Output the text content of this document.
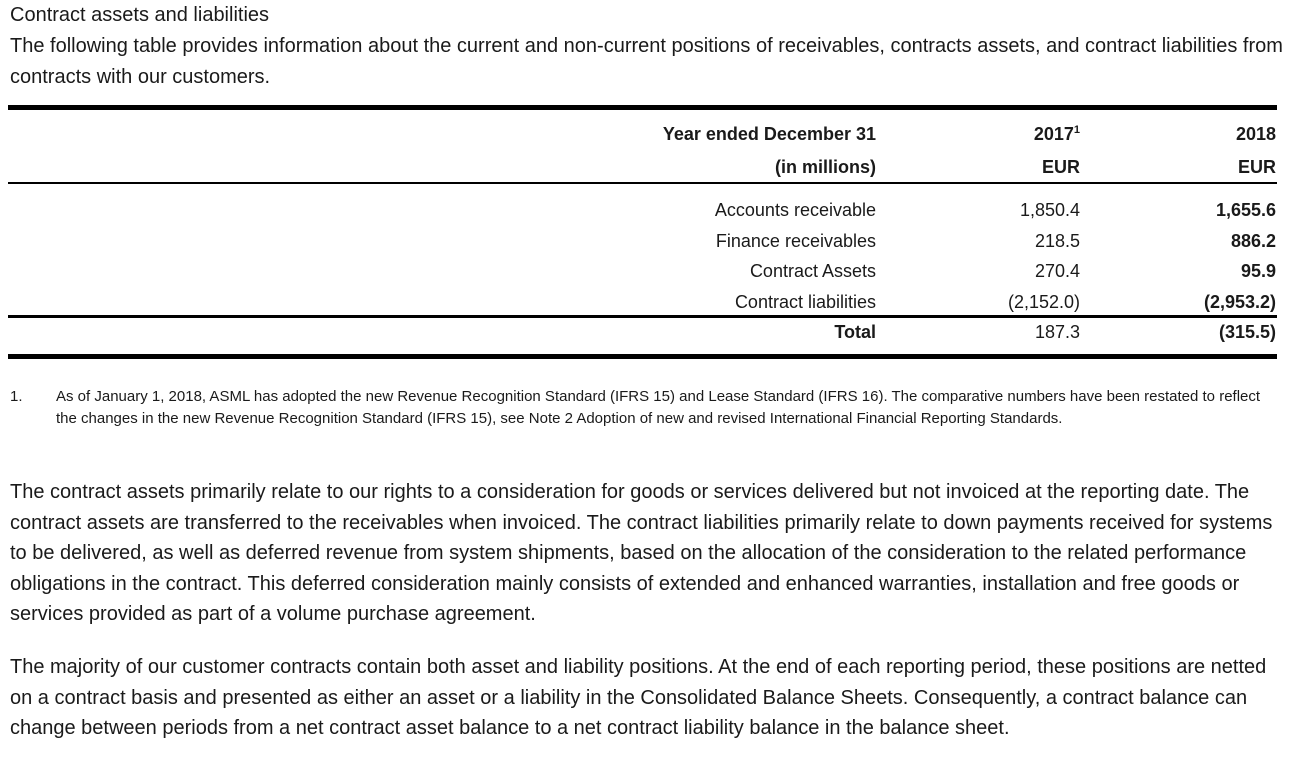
Contract assets and liabilities
The following table provides information about the current and non-current positions of receivables, contracts assets, and contract liabilities from contracts with our customers.
Year ended December 31	2017$^1$	2018
(in millions)	EUR	EUR
Accounts receivable	1,850.4	1,655.6
Finance receivables	218.5	886.2
Contract Assets	270.4	95.9
Contract liabilities	(2,152.0)	(2,953.2)
Total	187.3	(315.5)
1. As of January 1, 2018, ASML has adopted the new Revenue Recognition Standard (IFRS 15) and Lease Standard (IFRS 16). The comparative numbers have been restated to reflect the changes in the new Revenue Recognition Standard (IFRS 15), see Note 2 Adoption of new and revised International Financial Reporting Standards.
The contract assets primarily relate to our rights to a consideration for goods or services delivered but not invoiced at the reporting date. The contract assets are transferred to the receivables when invoiced. The contract liabilities primarily relate to down payments received for systems to be delivered, as well as deferred revenue from system shipments, based on the allocation of the consideration to the related performance obligations in the contract. This deferred consideration mainly consists of extended and enhanced warranties, installation and free goods or services provided as part of a volume purchase agreement.
The majority of our customer contracts contain both asset and liability positions. At the end of each reporting period, these positions are netted on a contract basis and presented as either an asset or a liability in the Consolidated Balance Sheets. Consequently, a contract balance can change between periods from a net contract asset balance to a net contract liability balance in the balance sheet.
